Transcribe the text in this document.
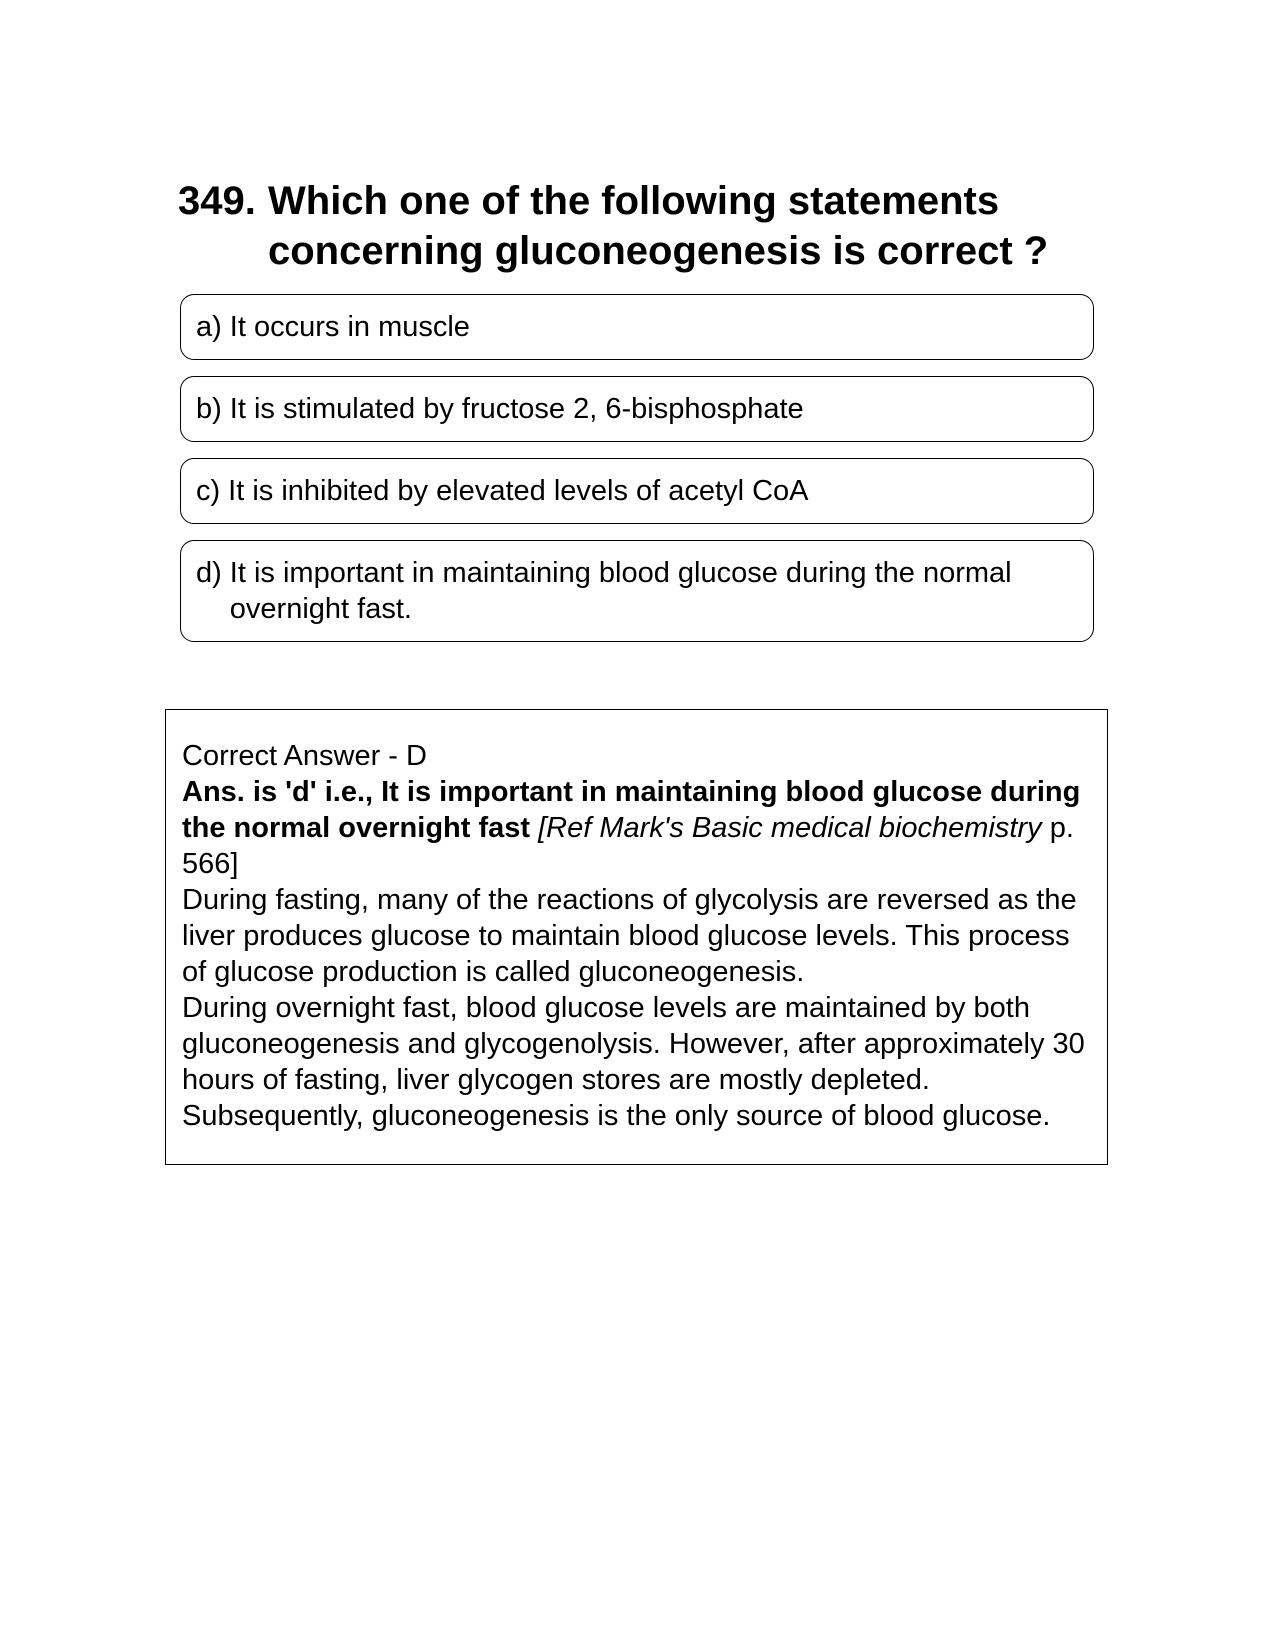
349. Which one of the following statements concerning gluconeogenesis is correct ?
a) It occurs in muscle
b) It is stimulated by fructose 2, 6-bisphosphate
c) It is inhibited by elevated levels of acetyl CoA
d) It is important in maintaining blood glucose during the normal overnight fast.

Correct Answer - D

Ans. is 'd' i.e., It is important in maintaining blood glucose during the normal overnight fast [Ref Mark's Basic medical biochemistry p. 566]

During fasting, many of the reactions of glycolysis are reversed as the liver produces glucose to maintain blood glucose levels. This process of glucose production is called gluconeogenesis.

During overnight fast, blood glucose levels are maintained by both gluconeogenesis and glycogenolysis. However, after approximately 30 hours of fasting, liver glycogen stores are mostly depleted. Subsequently, gluconeogenesis is the only source of blood glucose.
